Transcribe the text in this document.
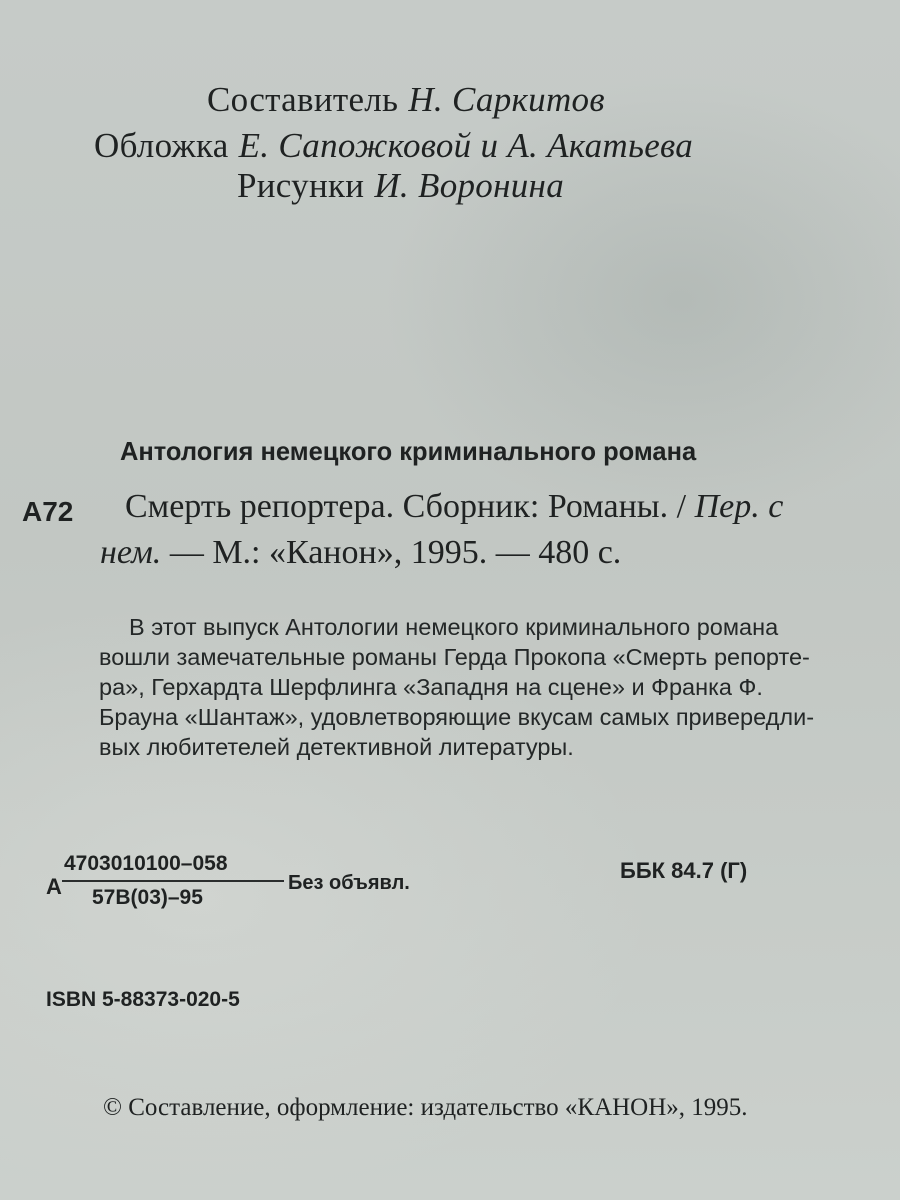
Составитель Н. Саркитов
Обложка Е. Сапожковой и А. Акатьева
Рисунки И. Воронина
Антология немецкого криминального романа
А72 Смерть репортера. Сборник: Романы. / Пер. с
нем. — М.: «Канон», 1995. — 480 с.
В этот выпуск Антологии немецкого криминального романа
вошли замечательные романы Герда Прокопа «Смерть репорте-
ра», Герхардта Шерфлинга «Западня на сцене» и Франка Ф.
Брауна «Шантаж», удовлетворяющие вкусам самых привередли-
вых любитетелей детективной литературы.
А
4703010100–058
57В(03)–95
Без объявл.	ББК 84.7 (Г)
ISBN 5-88373-020-5
© Составление, оформление: издательство «КАНОН», 1995.
